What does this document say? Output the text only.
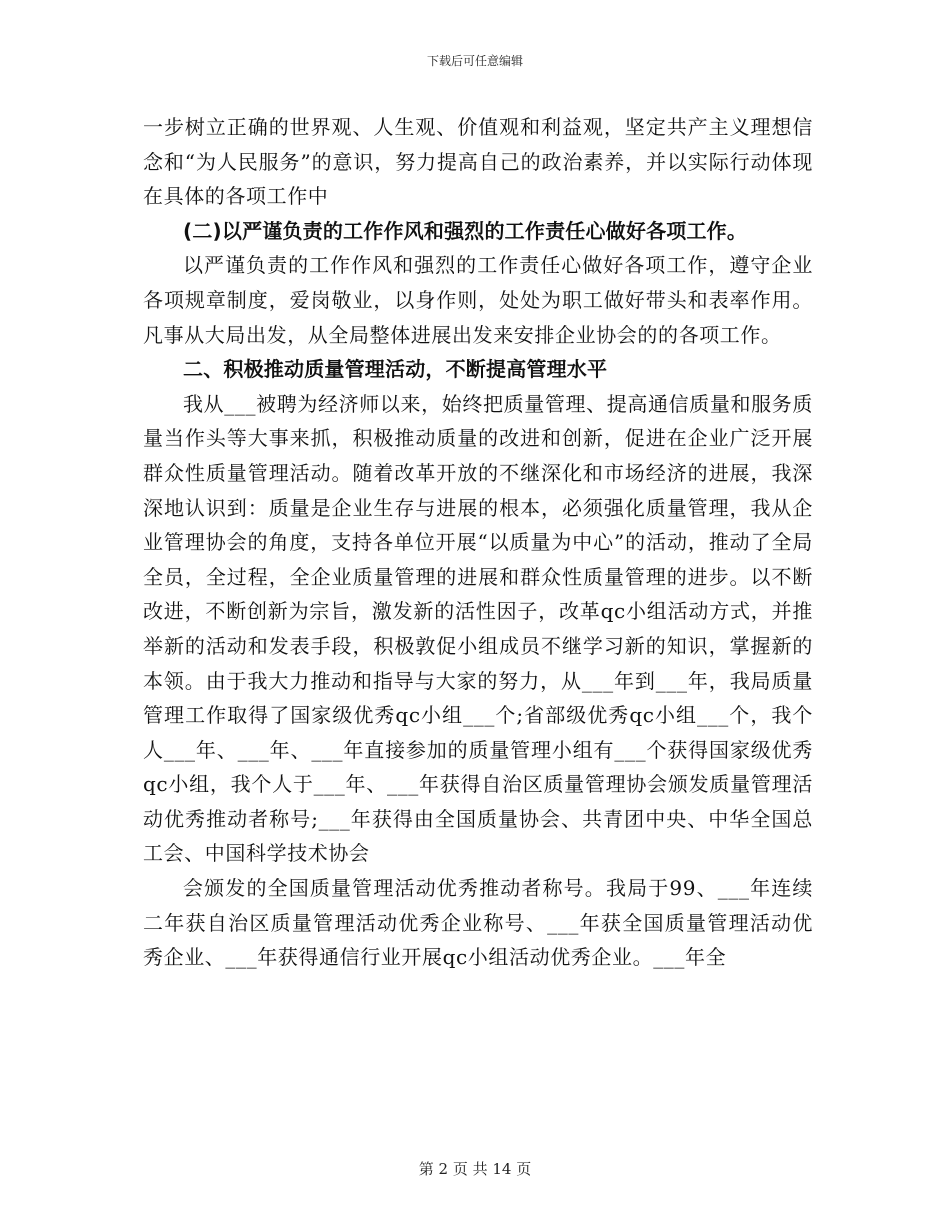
下载后可任意编辑

一步树立正确的世界观、人生观、价值观和利益观，坚定共产主义理想信念和“为人民服务”的意识，努力提高自己的政治素养，并以实际行动体现在具体的各项工作中

(二)以严谨负责的工作作风和强烈的工作责任心做好各项工作。

以严谨负责的工作作风和强烈的工作责任心做好各项工作，遵守企业各项规章制度，爱岗敬业，以身作则，处处为职工做好带头和表率作用。凡事从大局出发，从全局整体进展出发来安排企业协会的的各项工作。

二、积极推动质量管理活动，不断提高管理水平

我从___被聘为经济师以来，始终把质量管理、提高通信质量和服务质量当作头等大事来抓，积极推动质量的改进和创新，促进在企业广泛开展群众性质量管理活动。随着改革开放的不继深化和市场经济的进展，我深深地认识到：质量是企业生存与进展的根本，必须强化质量管理，我从企业管理协会的角度，支持各单位开展“以质量为中心”的活动，推动了全局全员，全过程，全企业质量管理的进展和群众性质量管理的进步。以不断改进，不断创新为宗旨，激发新的活性因子，改革qc小组活动方式，并推举新的活动和发表手段，积极敦促小组成员不继学习新的知识，掌握新的本领。由于我大力推动和指导与大家的努力，从___年到___年，我局质量管理工作取得了国家级优秀qc小组___个;省部级优秀qc小组___个，我个人___年、___年、___年直接参加的质量管理小组有___个获得国家级优秀qc小组，我个人于___年、___年获得自治区质量管理协会颁发质量管理活动优秀推动者称号;___年获得由全国质量协会、共青团中央、中华全国总工会、中国科学技术协会

会颁发的全国质量管理活动优秀推动者称号。我局于99、___年连续二年获自治区质量管理活动优秀企业称号、___年获全国质量管理活动优秀企业、___年获得通信行业开展qc小组活动优秀企业。___年全

第 2 页 共 14 页
